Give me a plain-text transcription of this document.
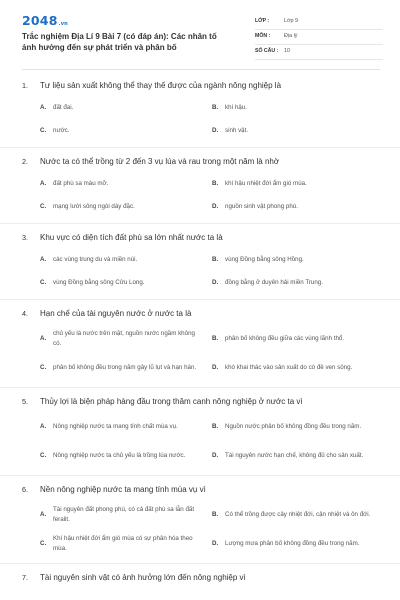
2048.vn
Trắc nghiệm Địa Lí 9 Bài 7 (có đáp án): Các nhân tố ảnh hưởng đến sự phát triển và phân bố
LỚP :	Lớp 9
MÔN :	Địa lý
SỐ CÂU : 10
1.	Tư liệu sản xuất không thể thay thế được của ngành nông nghiệp là
A.	đất đai.	B.	khí hậu.
C.	nước.	D.	sinh vật.
2.	Nước ta có thể trồng từ 2 đến 3 vụ lúa và rau trong một năm là nhờ
A.	đất phù sa màu mỡ.	B.	khí hậu nhiệt đới ẩm gió mùa.
C.	mạng lưới sông ngòi dày đặc.	D.	nguồn sinh vật phong phú.
3.	Khu vực có diện tích đất phù sa lớn nhất nước ta là
A.	các vùng trung du và miền núi.	B.	vùng Đồng bằng sông Hồng.
C.	vùng Đồng bằng sông Cửu Long.	D.	đồng bằng ở duyên hải miền Trung.
4.	Hạn chế của tài nguyên nước ở nước ta là
A.
chủ yếu là nước trên mặt, nguồn nước ngầm không có.
B.	phân bố không đều giữa các vùng lãnh thổ.
C.	phân bố không đều trong năm gây lũ lụt và hạn hán.	D.	khó khai thác vào sản xuất do có đê ven sông.
5.	Thủy lợi là biện pháp hàng đầu trong thâm canh nông nghiệp ở nước ta vì
A.	Nông nghiệp nước ta mang tính chất mùa vụ.	B.	Nguồn nước phân bố không đồng đều trong năm.
C.	Nông nghiệp nước ta chủ yếu là trồng lúa nước.	D.	Tài nguyên nước hạn chế, không đủ cho sản xuất.
6.	Nền nông nghiệp nước ta mang tính mùa vụ vì
A.
Tài nguyên đất phong phú, có cả đất phù sa lẫn đất feralit.
B.	Có thể trồng được cây nhiệt đới, cận nhiệt và ôn đới.
C.
Khí hậu nhiệt đới ẩm gió mùa có sự phân hóa theo mùa.
D.	Lượng mưa phân bố không đồng đều trong năm.
7.	Tài nguyên sinh vật có ảnh hưởng lớn đến nông nghiệp vì
